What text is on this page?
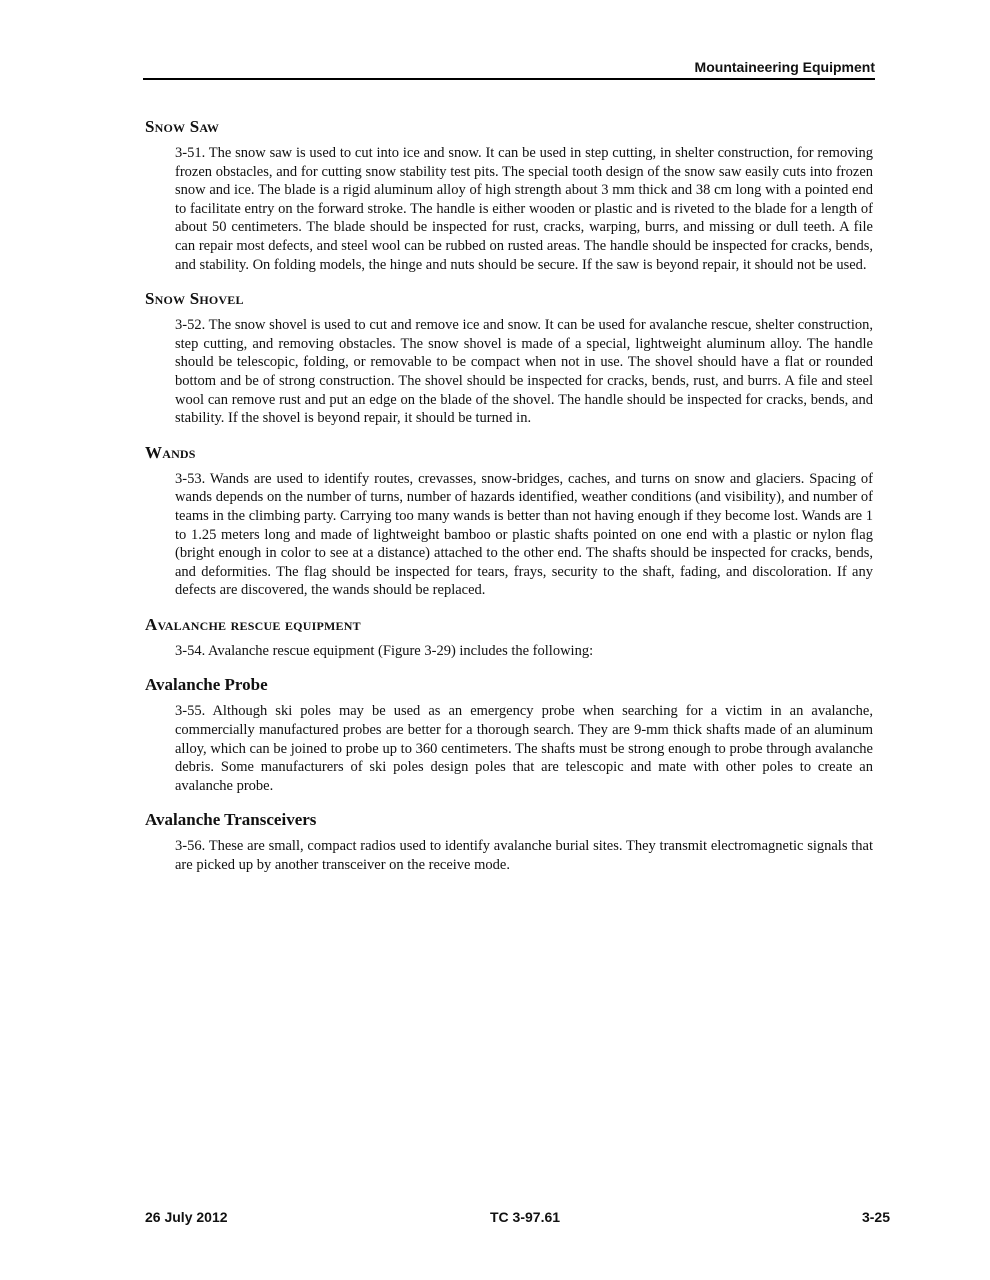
Mountaineering Equipment
Snow Saw

3-51. The snow saw is used to cut into ice and snow. It can be used in step cutting, in shelter construction, for removing frozen obstacles, and for cutting snow stability test pits. The special tooth design of the snow saw easily cuts into frozen snow and ice. The blade is a rigid aluminum alloy of high strength about 3 mm thick and 38 cm long with a pointed end to facilitate entry on the forward stroke. The handle is either wooden or plastic and is riveted to the blade for a length of about 50 centimeters. The blade should be inspected for rust, cracks, warping, burrs, and missing or dull teeth. A file can repair most defects, and steel wool can be rubbed on rusted areas. The handle should be inspected for cracks, bends, and stability. On folding models, the hinge and nuts should be secure. If the saw is beyond repair, it should not be used.

Snow Shovel

3-52. The snow shovel is used to cut and remove ice and snow. It can be used for avalanche rescue, shelter construction, step cutting, and removing obstacles. The snow shovel is made of a special, lightweight aluminum alloy. The handle should be telescopic, folding, or removable to be compact when not in use. The shovel should have a flat or rounded bottom and be of strong construction. The shovel should be inspected for cracks, bends, rust, and burrs. A file and steel wool can remove rust and put an edge on the blade of the shovel. The handle should be inspected for cracks, bends, and stability. If the shovel is beyond repair, it should be turned in.

Wands

3-53. Wands are used to identify routes, crevasses, snow-bridges, caches, and turns on snow and glaciers. Spacing of wands depends on the number of turns, number of hazards identified, weather conditions (and visibility), and number of teams in the climbing party. Carrying too many wands is better than not having enough if they become lost. Wands are 1 to 1.25 meters long and made of lightweight bamboo or plastic shafts pointed on one end with a plastic or nylon flag (bright enough in color to see at a distance) attached to the other end. The shafts should be inspected for cracks, bends, and deformities. The flag should be inspected for tears, frays, security to the shaft, fading, and discoloration. If any defects are discovered, the wands should be replaced.

Avalanche rescue equipment

3-54. Avalanche rescue equipment (Figure 3-29) includes the following:

Avalanche Probe

3-55. Although ski poles may be used as an emergency probe when searching for a victim in an avalanche, commercially manufactured probes are better for a thorough search. They are 9-mm thick shafts made of an aluminum alloy, which can be joined to probe up to 360 centimeters. The shafts must be strong enough to probe through avalanche debris. Some manufacturers of ski poles design poles that are telescopic and mate with other poles to create an avalanche probe.

Avalanche Transceivers

3-56. These are small, compact radios used to identify avalanche burial sites. They transmit electromagnetic signals that are picked up by another transceiver on the receive mode.

26 July 2012	TC 3-97.61	3-25
